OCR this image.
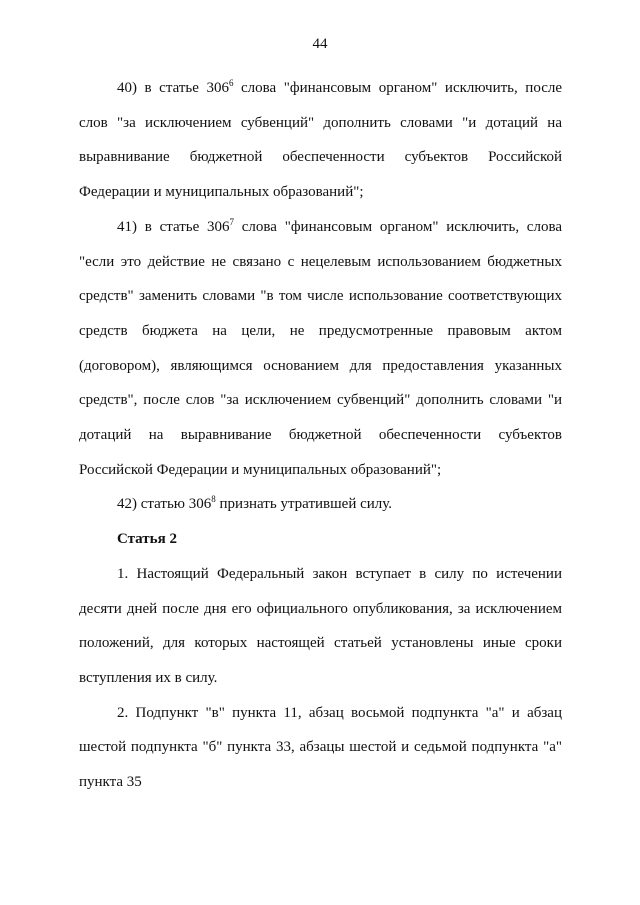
44

40) в статье $306^6$ слова "финансовым органом" исключить, после слов "за исключением субвенций" дополнить словами "и дотаций на выравнивание бюджетной обеспеченности субъектов Российской Федерации и муниципальных образований";

41) в статье $306^7$ слова "финансовым органом" исключить, слова "если это действие не связано с нецелевым использованием бюджетных средств" заменить словами "в том числе использование соответствующих средств бюджета на цели, не предусмотренные правовым актом (договором), являющимся основанием для предоставления указанных средств", после слов "за исключением субвенций" дополнить словами "и дотаций на выравнивание бюджетной обеспеченности субъектов Российской Федерации и муниципальных образований";

42) статью $306^8$ признать утратившей силу.

Статья 2

1. Настоящий Федеральный закон вступает в силу по истечении десяти дней после дня его официального опубликования, за исключением положений, для которых настоящей статьей установлены иные сроки вступления их в силу.

2. Подпункт "в" пункта 11, абзац восьмой подпункта "а" и абзац шестой подпункта "б" пункта 33, абзацы шестой и седьмой подпункта "а" пункта 35
